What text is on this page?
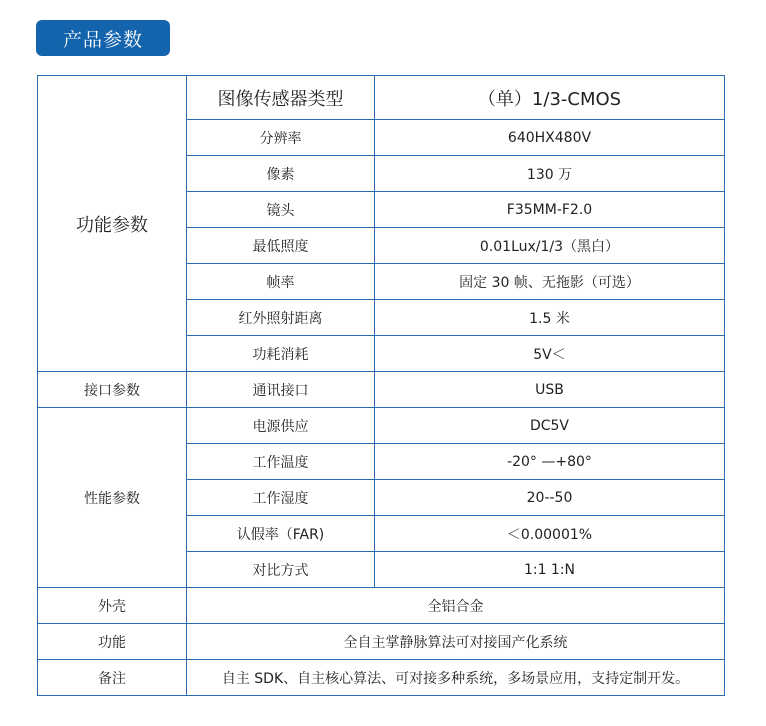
产品参数
功能参数	图像传感器类型	（单）1/3-CMOS
	分辨率	640HX480V
	像素	130 万
	镜头	F35MM-F2.0
	最低照度	0.01Lux/1/3（黑白）
	帧率	固定 30 帧、无拖影（可选）
	红外照射距离	1.5 米
	功耗消耗	5V＜
接口参数	通讯接口	USB
性能参数	电源供应	DC5V
	工作温度	-20° —+80°
	工作湿度	20--50
	认假率（FAR)	＜0.00001%
	对比方式	1:1 1:N
外壳	全铝合金	
功能	全自主掌静脉算法可对接国产化系统	
备注	自主 SDK、自主核心算法、可对接多种系统，多场景应用，支持定制开发。	
